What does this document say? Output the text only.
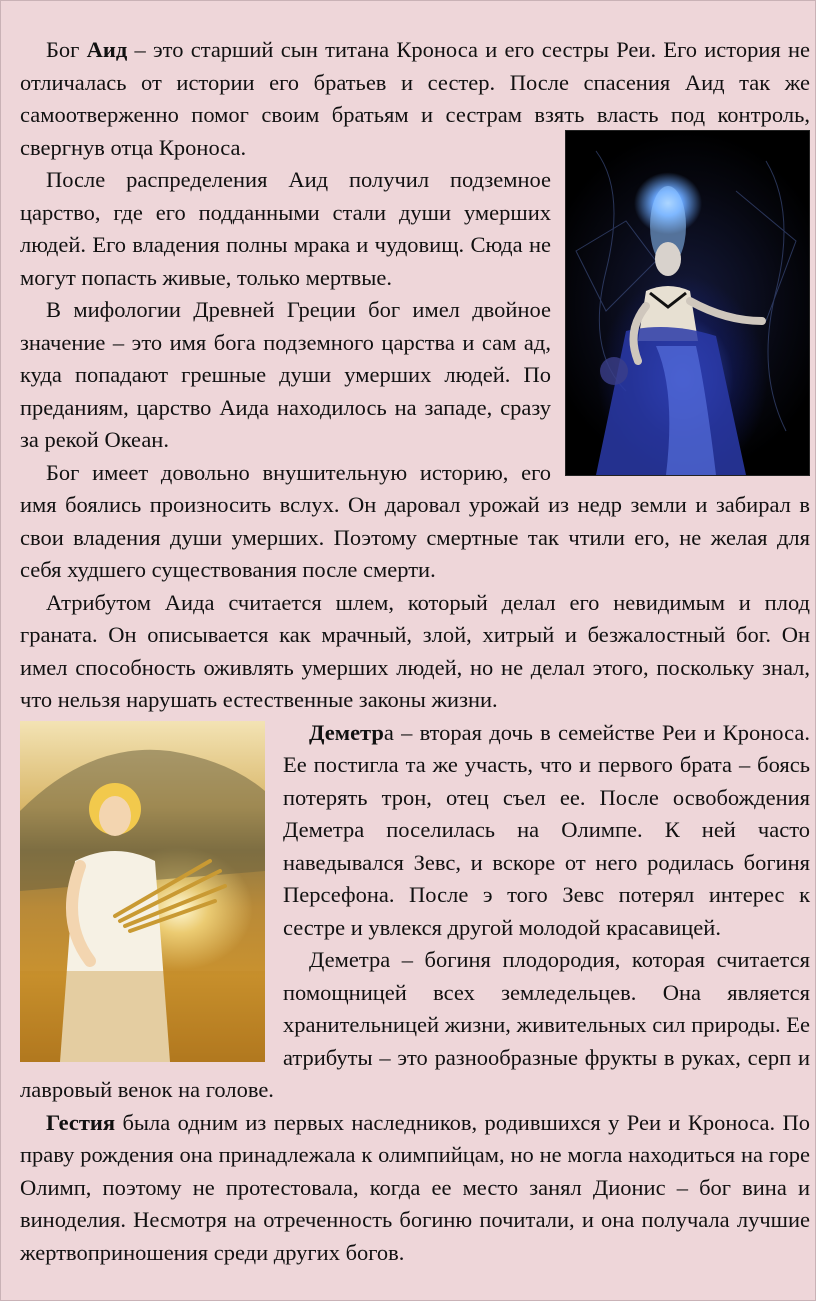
Бог Аид – это старший сын титана Кроноса и его сестры Реи. Его история не отличалась от истории его братьев и сестер. После спасения Аид так же самоотверженно помог своим братьям и сестрам взять власть под контроль, свергнув отца Кроноса.

После распределения Аид получил подземное царство, где его подданными стали души умерших людей. Его владения полны мрака и чудовищ. Сюда не могут попасть живые, только мертвые.

В мифологии Древней Греции бог имел двойное значение – это имя бога подземного царства и сам ад, куда попадают грешные души умерших людей. По преданиям, царство Аида находилось на западе, сразу за рекой Океан.

Бог имеет довольно внушительную историю, его имя боялись произносить вслух. Он даровал урожай из недр земли и забирал в свои владения души умерших. Поэтому смертные так чтили его, не желая для себя худшего существования после смерти.

Атрибутом Аида считается шлем, который делал его невидимым и плод граната. Он описывается как мрачный, злой, хитрый и безжалостный бог. Он имел способность оживлять умерших людей, но не делал этого, поскольку знал, что нельзя нарушать естественные законы жизни.

Деметра – вторая дочь в семействе Реи и Кроноса. Ее постигла та же участь, что и первого брата – боясь потерять трон, отец съел ее. После освобождения Деметра поселилась на Олимпе. К ней часто наведывался Зевс, и вскоре от него родилась богиня Персефона. После э того Зевс потерял интерес к сестре и увлекся другой молодой красавицей.

Деметра – богиня плодородия, которая считается помощницей всех земледельцев. Она является хранительницей жизни, живительных сил природы. Ее атрибуты – это разнообразные фрукты в руках, серп и лавровый венок на голове.

Гестия была одним из первых наследников, родившихся у Реи и Кроноса. По праву рождения она принадлежала к олимпийцам, но не могла находиться на горе Олимп, поэтому не протестовала, когда ее место занял Дионис – бог вина и виноделия. Несмотря на отреченность богиню почитали, и она получала лучшие жертвоприношения среди других богов.
